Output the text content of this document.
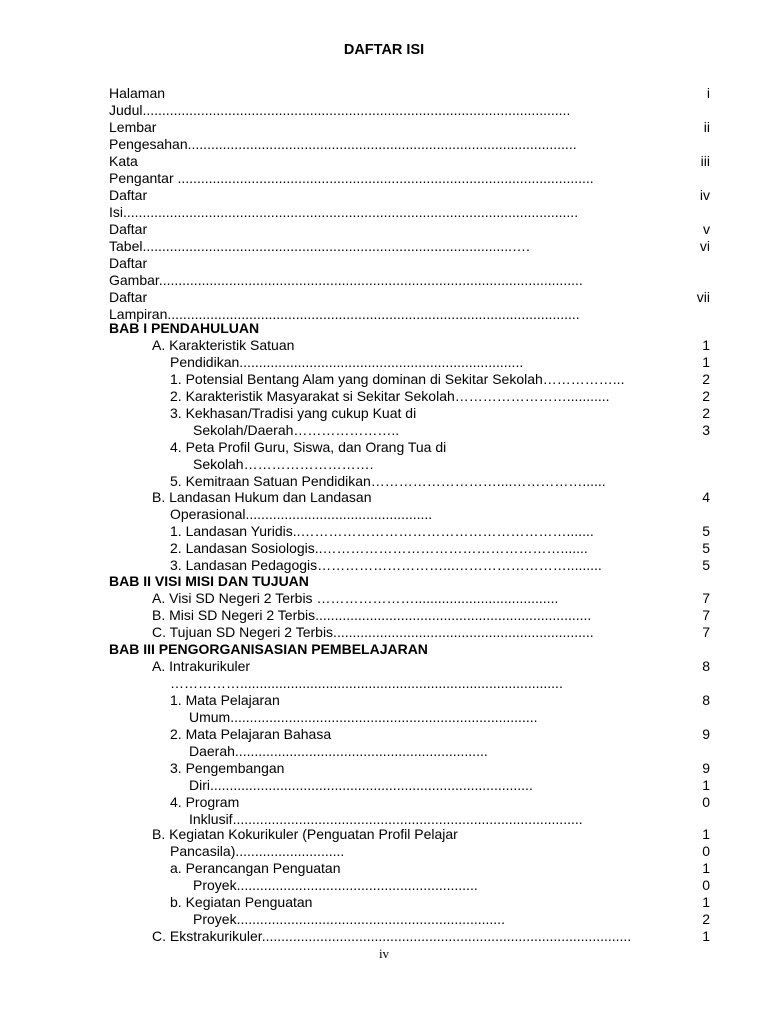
DAFTAR ISI
Halaman	i
Judul..............................................................................................................
Lembar	ii
Pengesahan....................................................................................................
Kata	iii
Pengantar ...........................................................................................................
Daftar	iv
Isi.....................................................................................................................
Daftar	v
Tabel...............................................................................................….	vi
Daftar
Gambar.............................................................................................................
Daftar	vii
Lampiran..........................................................................................................
BAB I PENDAHULUAN
A. Karakteristik Satuan	1
Pendidikan.........................................................................	1
1. Potensial Bentang Alam yang dominan di Sekitar Sekolah……………...	2
2. Karakteristik Masyarakat si Sekitar Sekolah……………………...........	2
3. Kekhasan/Tradisi yang cukup Kuat di	2
Sekolah/Daerah…………………..	3
4. Peta Profil Guru, Siswa, dan Orang Tua di
Sekolah……………………….
5. Kemitraan Satuan Pendidikan………………………....……………......
B. Landasan Hukum dan Landasan	4
Operasional................................................
1. Landasan Yuridis..………………………………………………….......	5
2. Landasan Sosiologis..…………………………………………….......	5
3. Landasan Pedagogis………………………...…………………….........	5
BAB II VISI MISI DAN TUJUAN
A. Visi SD Negeri 2 Terbis ………………….....................................	7
B. Misi SD Negeri 2 Terbis.......................................................................	7
C. Tujuan SD Negeri 2 Terbis...................................................................	7
BAB III PENGORGANISASIAN PEMBELAJARAN
A. Intrakurikuler	8
……………...................................................................................
1. Mata Pelajaran	8
Umum...............................................................................
2. Mata Pelajaran Bahasa	9
Daerah.................................................................
3. Pengembangan	9
Diri...................................................................................	1
4. Program	0
Inklusif..........................................................................................
B. Kegiatan Kokurikuler (Penguatan Profil Pelajar	1
Pancasila)............................	0
a. Perancangan Penguatan	1
Proyek..............................................................	0
b. Kegiatan Penguatan	1
Proyek.....................................................................	2
C. Ekstrakurikuler...............................................................................................	1
iv
